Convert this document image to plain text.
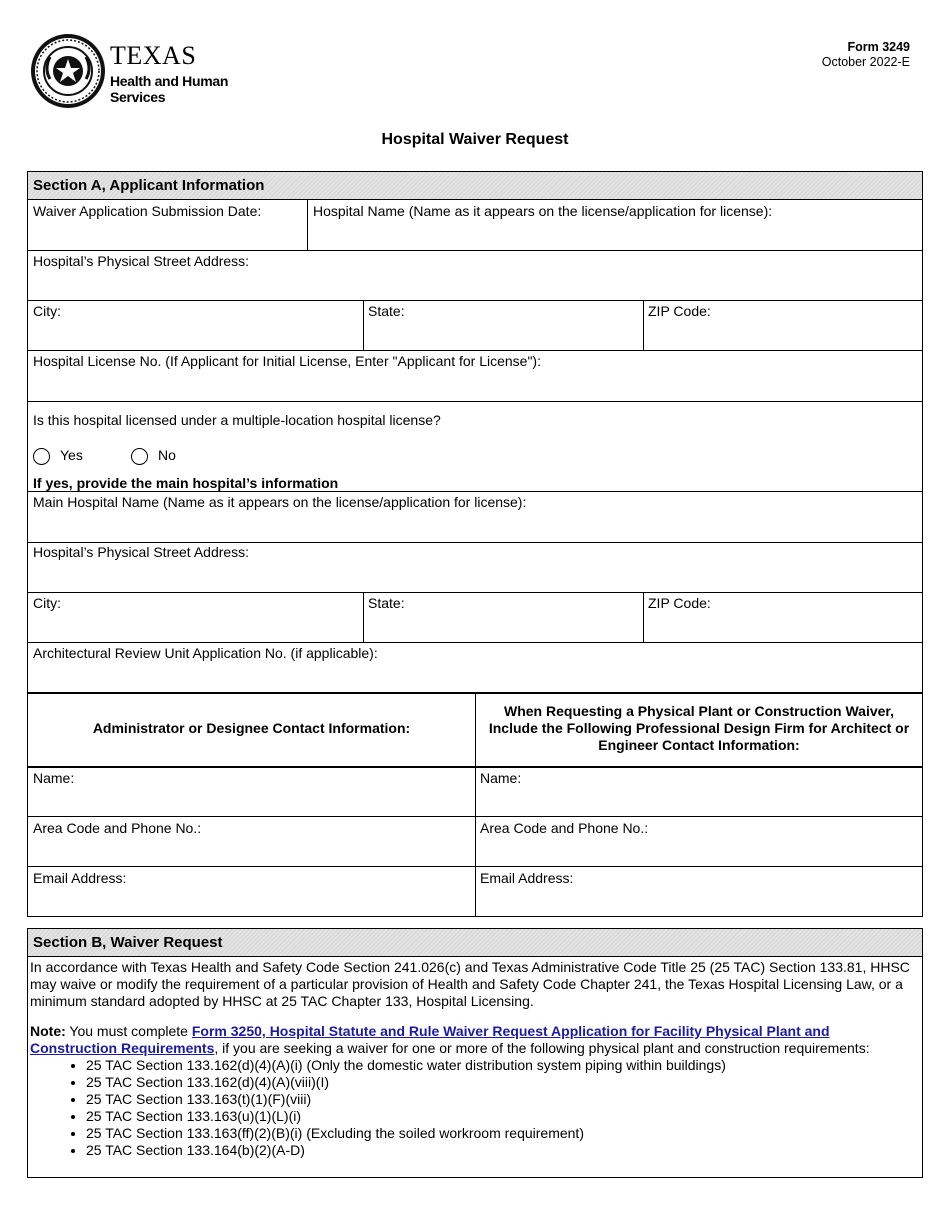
TEXAS
Health and Human
Services
Form 3249
October 2022-E
Hospital Waiver Request
Section A, Applicant Information
Waiver Application Submission Date:	Hospital Name (Name as it appears on the license/application for license):
Hospital’s Physical Street Address:
City:	State:	ZIP Code:
Hospital License No. (If Applicant for Initial License, Enter "Applicant for License"):
Is this hospital licensed under a multiple-location hospital license?
Yes	No
If yes, provide the main hospital’s information
Main Hospital Name (Name as it appears on the license/application for license):
Hospital’s Physical Street Address:
City:	State:	ZIP Code:
Architectural Review Unit Application No. (if applicable):
Administrator or Designee Contact Information:
When Requesting a Physical Plant or Construction Waiver, Include the Following Professional Design Firm for Architect or Engineer Contact Information:
Name:	Name:
Area Code and Phone No.:	Area Code and Phone No.:
Email Address:	Email Address:
Section B, Waiver Request
In accordance with Texas Health and Safety Code Section 241.026(c) and Texas Administrative Code Title 25 (25 TAC) Section 133.81, HHSC may waive or modify the requirement of a particular provision of Health and Safety Code Chapter 241, the Texas Hospital Licensing Law, or a minimum standard adopted by HHSC at 25 TAC Chapter 133, Hospital Licensing.
Note: You must complete Form 3250, Hospital Statute and Rule Waiver Request Application for Facility Physical Plant and Construction Requirements, if you are seeking a waiver for one or more of the following physical plant and construction requirements:
• 25 TAC Section 133.162(d)(4)(A)(i) (Only the domestic water distribution system piping within buildings)
• 25 TAC Section 133.162(d)(4)(A)(viii)(I)
• 25 TAC Section 133.163(t)(1)(F)(viii)
• 25 TAC Section 133.163(u)(1)(L)(i)
• 25 TAC Section 133.163(ff)(2)(B)(i) (Excluding the soiled workroom requirement)
• 25 TAC Section 133.164(b)(2)(A-D)
